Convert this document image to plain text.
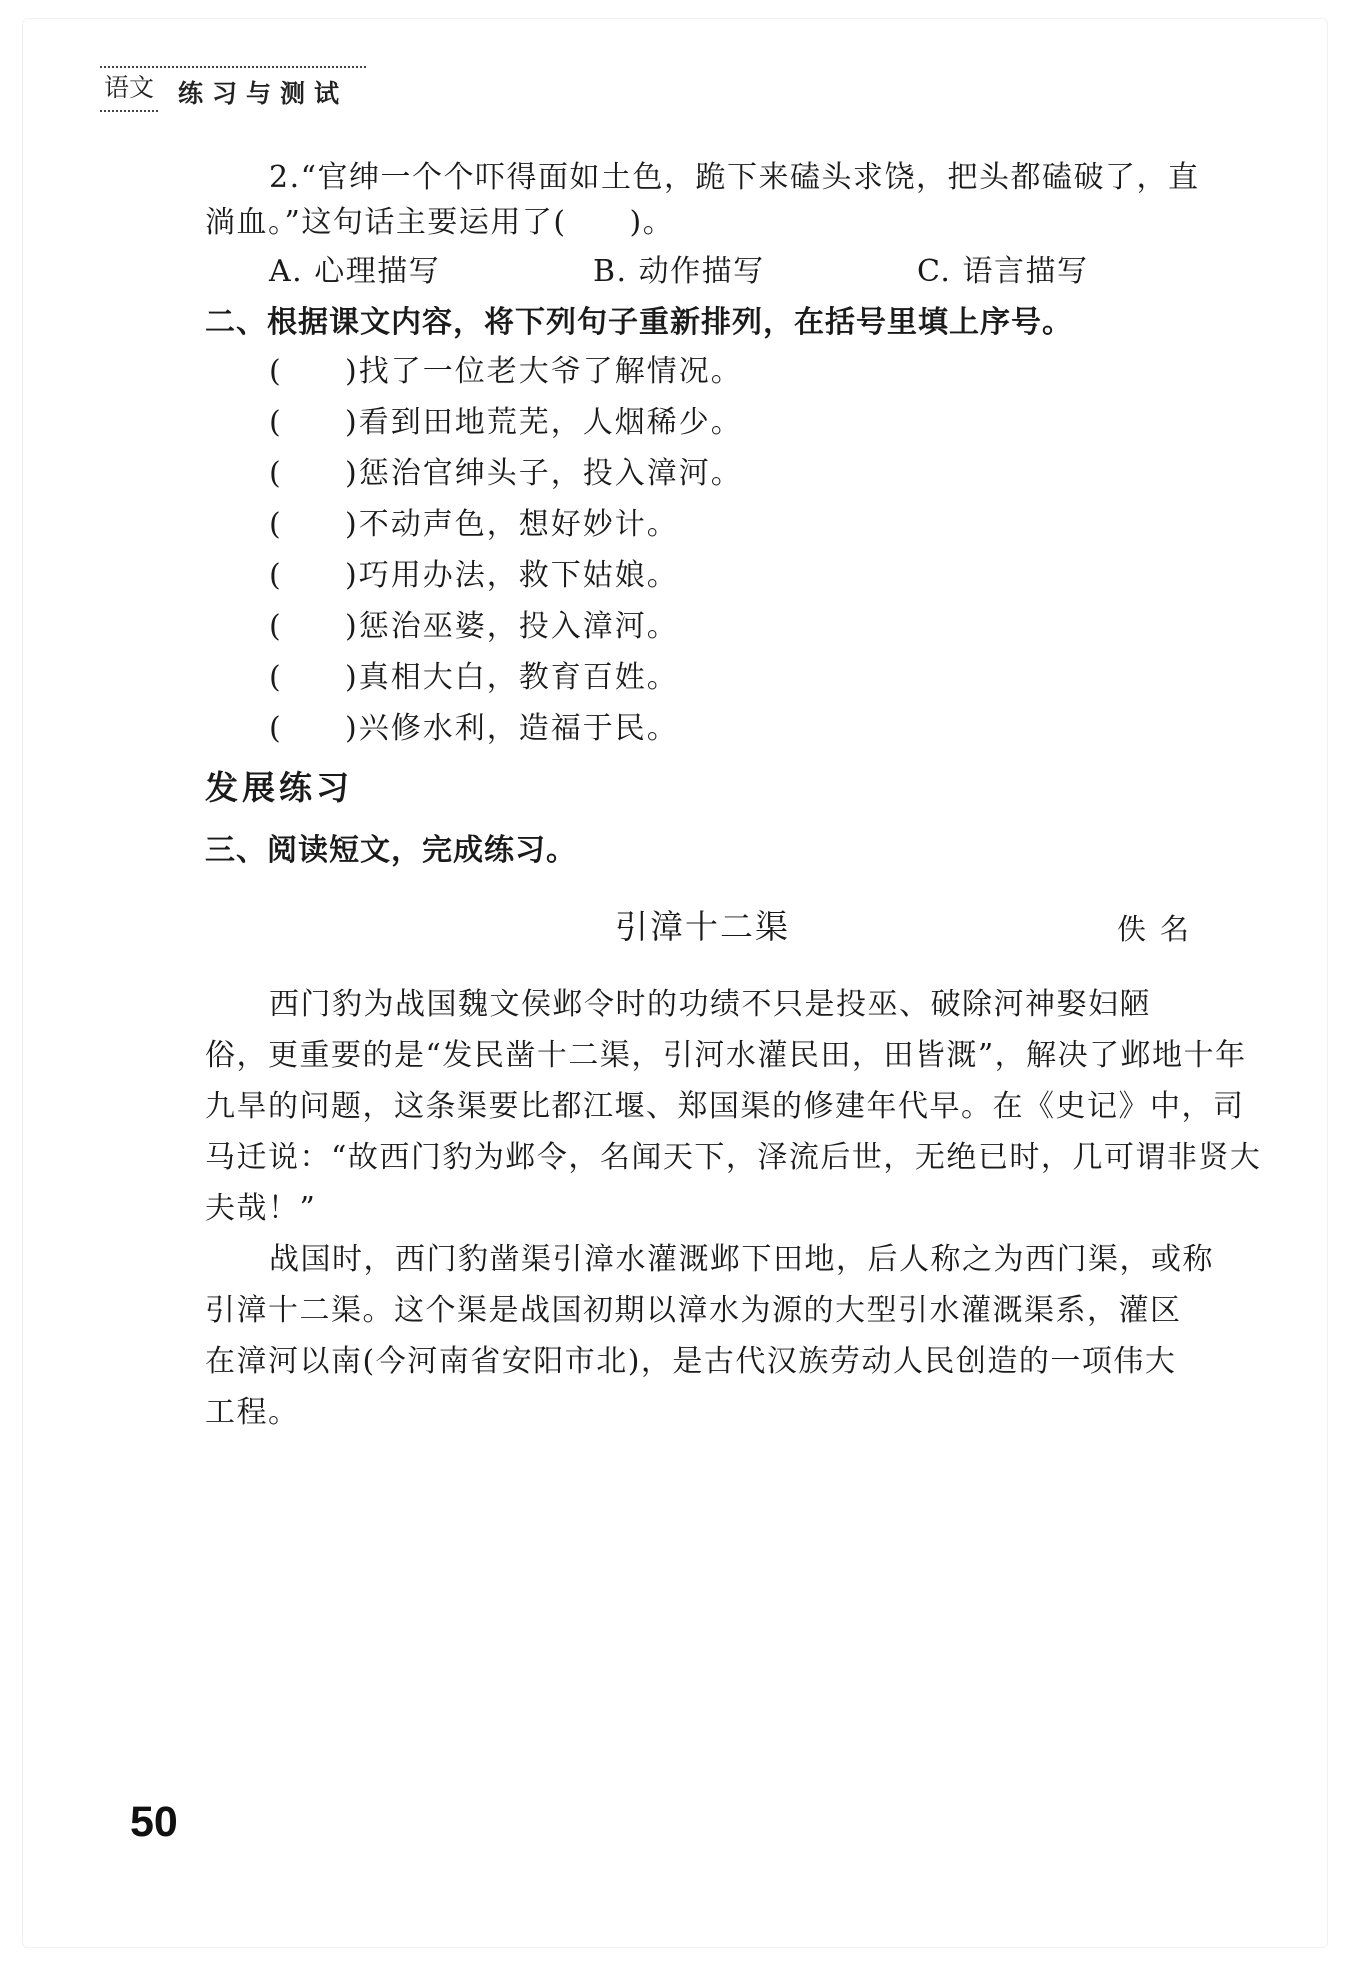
语文 练习与测试
2.“官绅一个个吓得面如土色，跪下来磕头求饶，把头都磕破了，直
淌血。”这句话主要运用了(　　)。
A. 心理描写	B. 动作描写	C. 语言描写
二、根据课文内容，将下列句子重新排列，在括号里填上序号。
( )找了一位老大爷了解情况。
( )看到田地荒芜，人烟稀少。
( )惩治官绅头子，投入漳河。
( )不动声色，想好妙计。
( )巧用办法，救下姑娘。
( )惩治巫婆，投入漳河。
( )真相大白，教育百姓。
( )兴修水利，造福于民。
发展练习
三、阅读短文，完成练习。
引漳十二渠	佚名
西门豹为战国魏文侯邺令时的功绩不只是投巫、破除河神娶妇陋
俗，更重要的是“发民凿十二渠，引河水灌民田，田皆溉”，解决了邺地十年
九旱的问题，这条渠要比都江堰、郑国渠的修建年代早。在《史记》中，司
马迁说：“故西门豹为邺令，名闻天下，泽流后世，无绝已时，几可谓非贤大
夫哉！”
战国时，西门豹凿渠引漳水灌溉邺下田地，后人称之为西门渠，或称
引漳十二渠。这个渠是战国初期以漳水为源的大型引水灌溉渠系，灌区
在漳河以南(今河南省安阳市北)，是古代汉族劳动人民创造的一项伟大
工程。
50
